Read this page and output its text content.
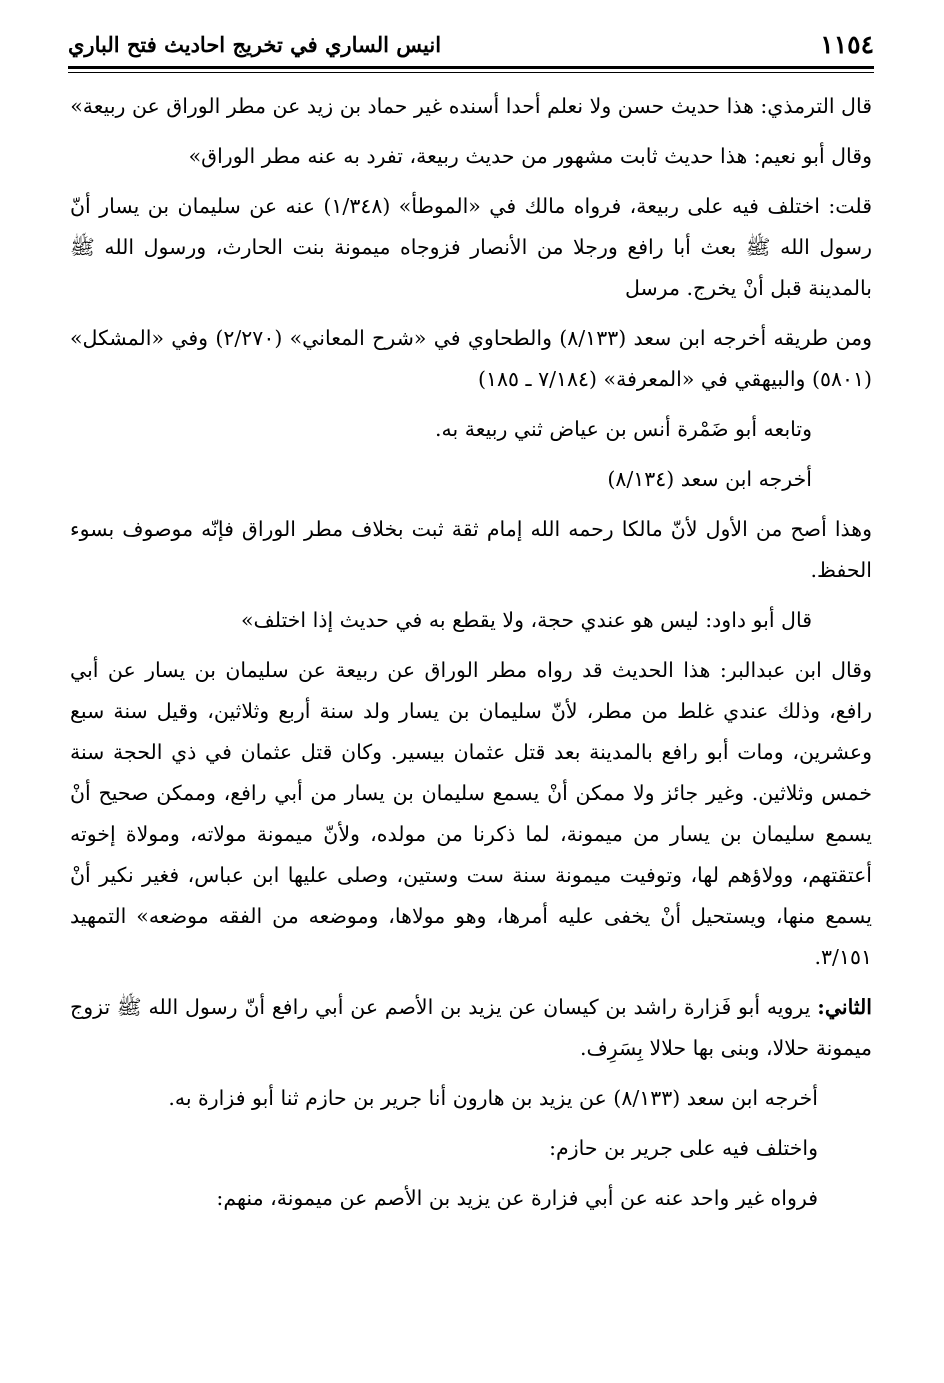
١١٥٤
انيس الساري في تخريج احاديث فتح الباري

قال الترمذي: هذا حديث حسن ولا نعلم أحدا أسنده غير حماد بن زيد عن مطر الوراق عن ربيعة»

وقال أبو نعيم: هذا حديث ثابت مشهور من حديث ربيعة، تفرد به عنه مطر الوراق»

قلت: اختلف فيه على ربيعة، فرواه مالك في «الموطأ» (١/٣٤٨) عنه عن سليمان بن يسار أنّ رسول الله ﷺ بعث أبا رافع ورجلا من الأنصار فزوجاه ميمونة بنت الحارث، ورسول الله ﷺ بالمدينة قبل أنْ يخرج. مرسل

ومن طريقه أخرجه ابن سعد (٨/١٣٣) والطحاوي في «شرح المعاني» (٢/٢٧٠) وفي «المشكل» (٥٨٠١) والبيهقي في «المعرفة» (٧/١٨٤ ـ ١٨٥)

وتابعه أبو ضَمْرة أنس بن عياض ثني ربيعة به.

أخرجه ابن سعد (٨/١٣٤)

وهذا أصح من الأول لأنّ مالكا رحمه الله إمام ثقة ثبت بخلاف مطر الوراق فإنّه موصوف بسوء الحفظ.

قال أبو داود: ليس هو عندي حجة، ولا يقطع به في حديث إذا اختلف»

وقال ابن عبدالبر: هذا الحديث قد رواه مطر الوراق عن ربيعة عن سليمان بن يسار عن أبي رافع، وذلك عندي غلط من مطر، لأنّ سليمان بن يسار ولد سنة أربع وثلاثين، وقيل سنة سبع وعشرين، ومات أبو رافع بالمدينة بعد قتل عثمان بيسير. وكان قتل عثمان في ذي الحجة سنة خمس وثلاثين. وغير جائز ولا ممكن أنْ يسمع سليمان بن يسار من أبي رافع، وممكن صحيح أنْ يسمع سليمان بن يسار من ميمونة، لما ذكرنا من مولده، ولأنّ ميمونة مولاته، ومولاة إخوته أعتقتهم، وولاؤهم لها، وتوفيت ميمونة سنة ست وستين، وصلى عليها ابن عباس، فغير نكير أنْ يسمع منها، ويستحيل أنْ يخفى عليه أمرها، وهو مولاها، وموضعه من الفقه موضعه» التمهيد ٣/١٥١.

الثاني: يرويه أبو فَزارة راشد بن كيسان عن يزيد بن الأصم عن أبي رافع أنّ رسول الله ﷺ تزوج ميمونة حلالا، وبنى بها حلالا بِسَرِف.

أخرجه ابن سعد (٨/١٣٣) عن يزيد بن هارون أنا جرير بن حازم ثنا أبو فزارة به.

واختلف فيه على جرير بن حازم:

فرواه غير واحد عنه عن أبي فزارة عن يزيد بن الأصم عن ميمونة، منهم:
